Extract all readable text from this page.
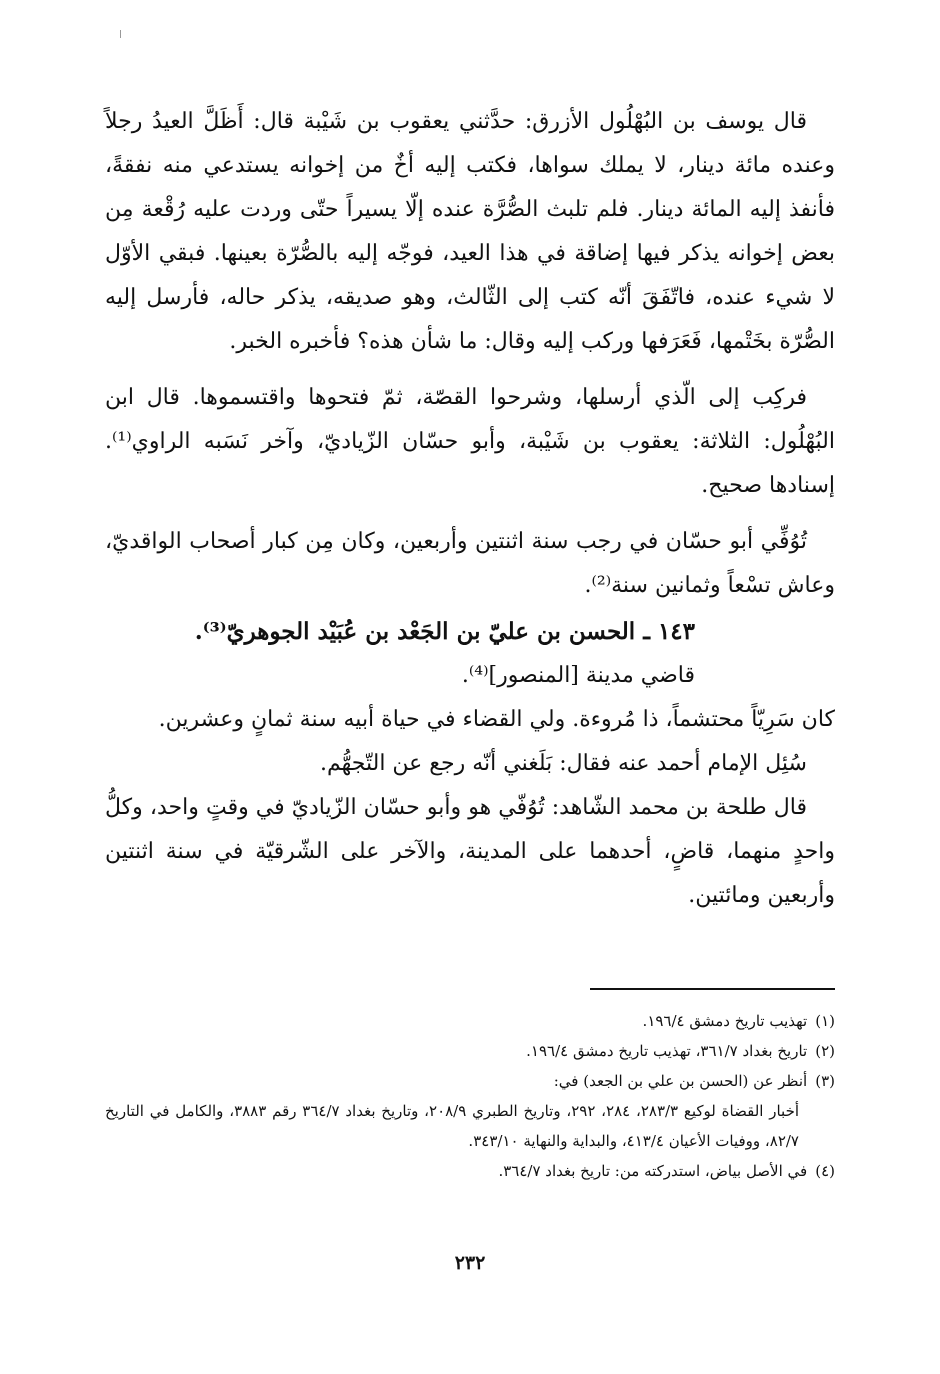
قال يوسف بن البُهْلُول الأزرق: حدَّثني يعقوب بن شَيْبة قال: أَظَلَّ العيدُ رجلاً وعنده مائة دينار، لا يملك سواها، فكتب إليه أخٌ من إخوانه يستدعي منه نفقةً، فأنفذ إليه المائة دينار. فلم تلبث الصُّرَّة عنده إلّا يسيراً حتّى وردت عليه رُقْعة مِن بعض إخوانه يذكر فيها إضاقة في هذا العيد، فوجّه إليه بالصُّرّة بعينها. فبقي الأوّل لا شيء عنده، فاتّفَقَ أنّه كتب إلى الثّالث، وهو صديقه، يذكر حاله، فأرسل إليه الصُّرّة بخَتْمها، فَعَرَفها وركب إليه وقال: ما شأن هذه؟ فأخبره الخبر.

فركِب إلى الّذي أرسلها، وشرحوا القصّة، ثمّ فتحوها واقتسموها. قال ابن البُهْلُول: الثلاثة: يعقوب بن شَيْبة، وأبو حسّان الزّياديّ، وآخر نَسَبه الراوي⁽¹⁾. إسنادها صحيح.

تُوُفِّي أبو حسّان في رجب سنة اثنتين وأربعين، وكان مِن كبار أصحاب الواقديّ، وعاش تسْعاً وثمانين سنة⁽²⁾.

١٤٣ ـ الحسن بن عليّ بن الجَعْد بن عُبَيْد الجوهريّ⁽³⁾.

قاضي مدينة [المنصور]⁽⁴⁾.

كان سَرِيّاً محتشماً، ذا مُروءة. ولي القضاء في حياة أبيه سنة ثمانٍ وعشرين.

سُئِل الإمام أحمد عنه فقال: بَلَغني أنّه رجع عن التّجهُّم.

قال طلحة بن محمد الشّاهد: تُوُفّي هو وأبو حسّان الزّياديّ في وقتٍ واحد، وكلُّ واحدٍ منهما، قاضٍ، أحدهما على المدينة، والآخر على الشّرقيّة في سنة اثنتين وأربعين ومائتين.

(١)تهذيب تاريخ دمشق ١٩٦/٤.

(٢)تاريخ بغداد ٣٦١/٧، تهذيب تاريخ دمشق ١٩٦/٤.

(٣)أنظر عن (الحسن بن علي بن الجعد) في:

أخبار القضاة لوكيع ٢٨٣/٣، ٢٨٤، ٢٩٢، وتاريخ الطبري ٢٠٨/٩، وتاريخ بغداد ٣٦٤/٧ رقم ٣٨٨٣، والكامل في التاريخ ٨٢/٧، ووفيات الأعيان ٤١٣/٤، والبداية والنهاية ٣٤٣/١٠.

(٤)في الأصل بياض، استدركته من: تاريخ بغداد ٣٦٤/٧.

٢٣٢
